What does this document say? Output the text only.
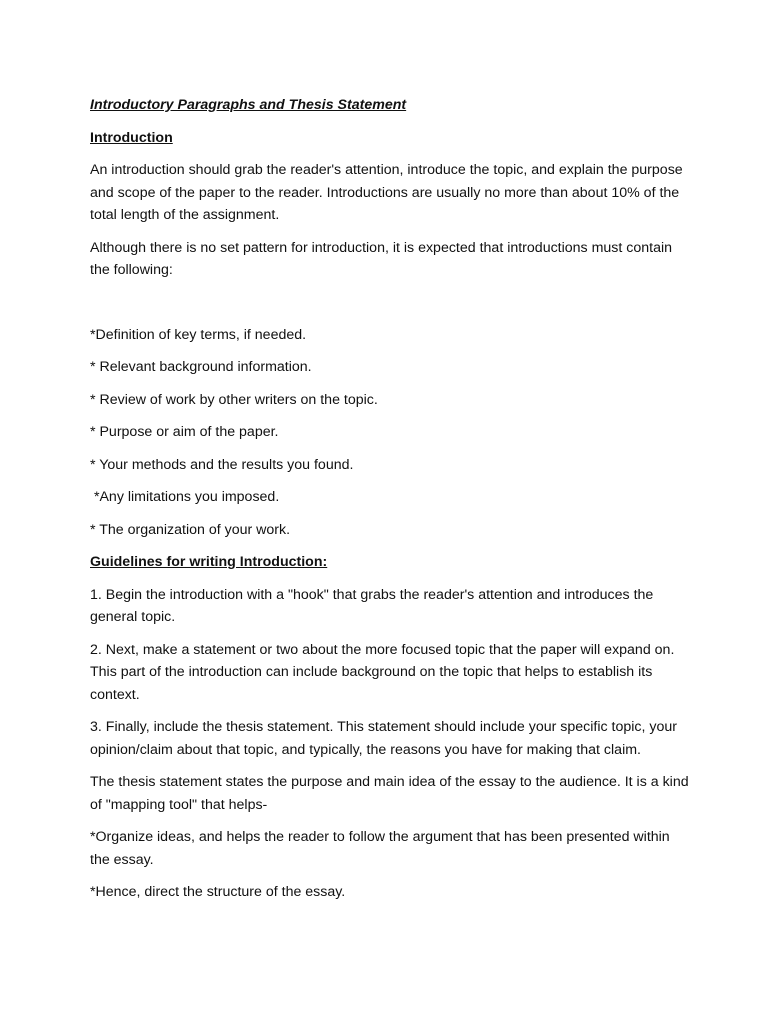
Introductory Paragraphs and Thesis Statement

Introduction

An introduction should grab the reader's attention, introduce the topic, and explain the purpose and scope of the paper to the reader. Introductions are usually no more than about 10% of the total length of the assignment.

Although there is no set pattern for introduction, it is expected that introductions must contain the following:

*Definition of key terms, if needed.

* Relevant background information.

* Review of work by other writers on the topic.

* Purpose or aim of the paper.

* Your methods and the results you found.

*Any limitations you imposed.

* The organization of your work.

Guidelines for writing Introduction:

1. Begin the introduction with a "hook" that grabs the reader's attention and introduces the general topic.

2. Next, make a statement or two about the more focused topic that the paper will expand on. This part of the introduction can include background on the topic that helps to establish its context.

3. Finally, include the thesis statement. This statement should include your specific topic, your opinion/claim about that topic, and typically, the reasons you have for making that claim.

The thesis statement states the purpose and main idea of the essay to the audience. It is a kind of "mapping tool" that helps-

*Organize ideas, and helps the reader to follow the argument that has been presented within the essay.

*Hence, direct the structure of the essay.
